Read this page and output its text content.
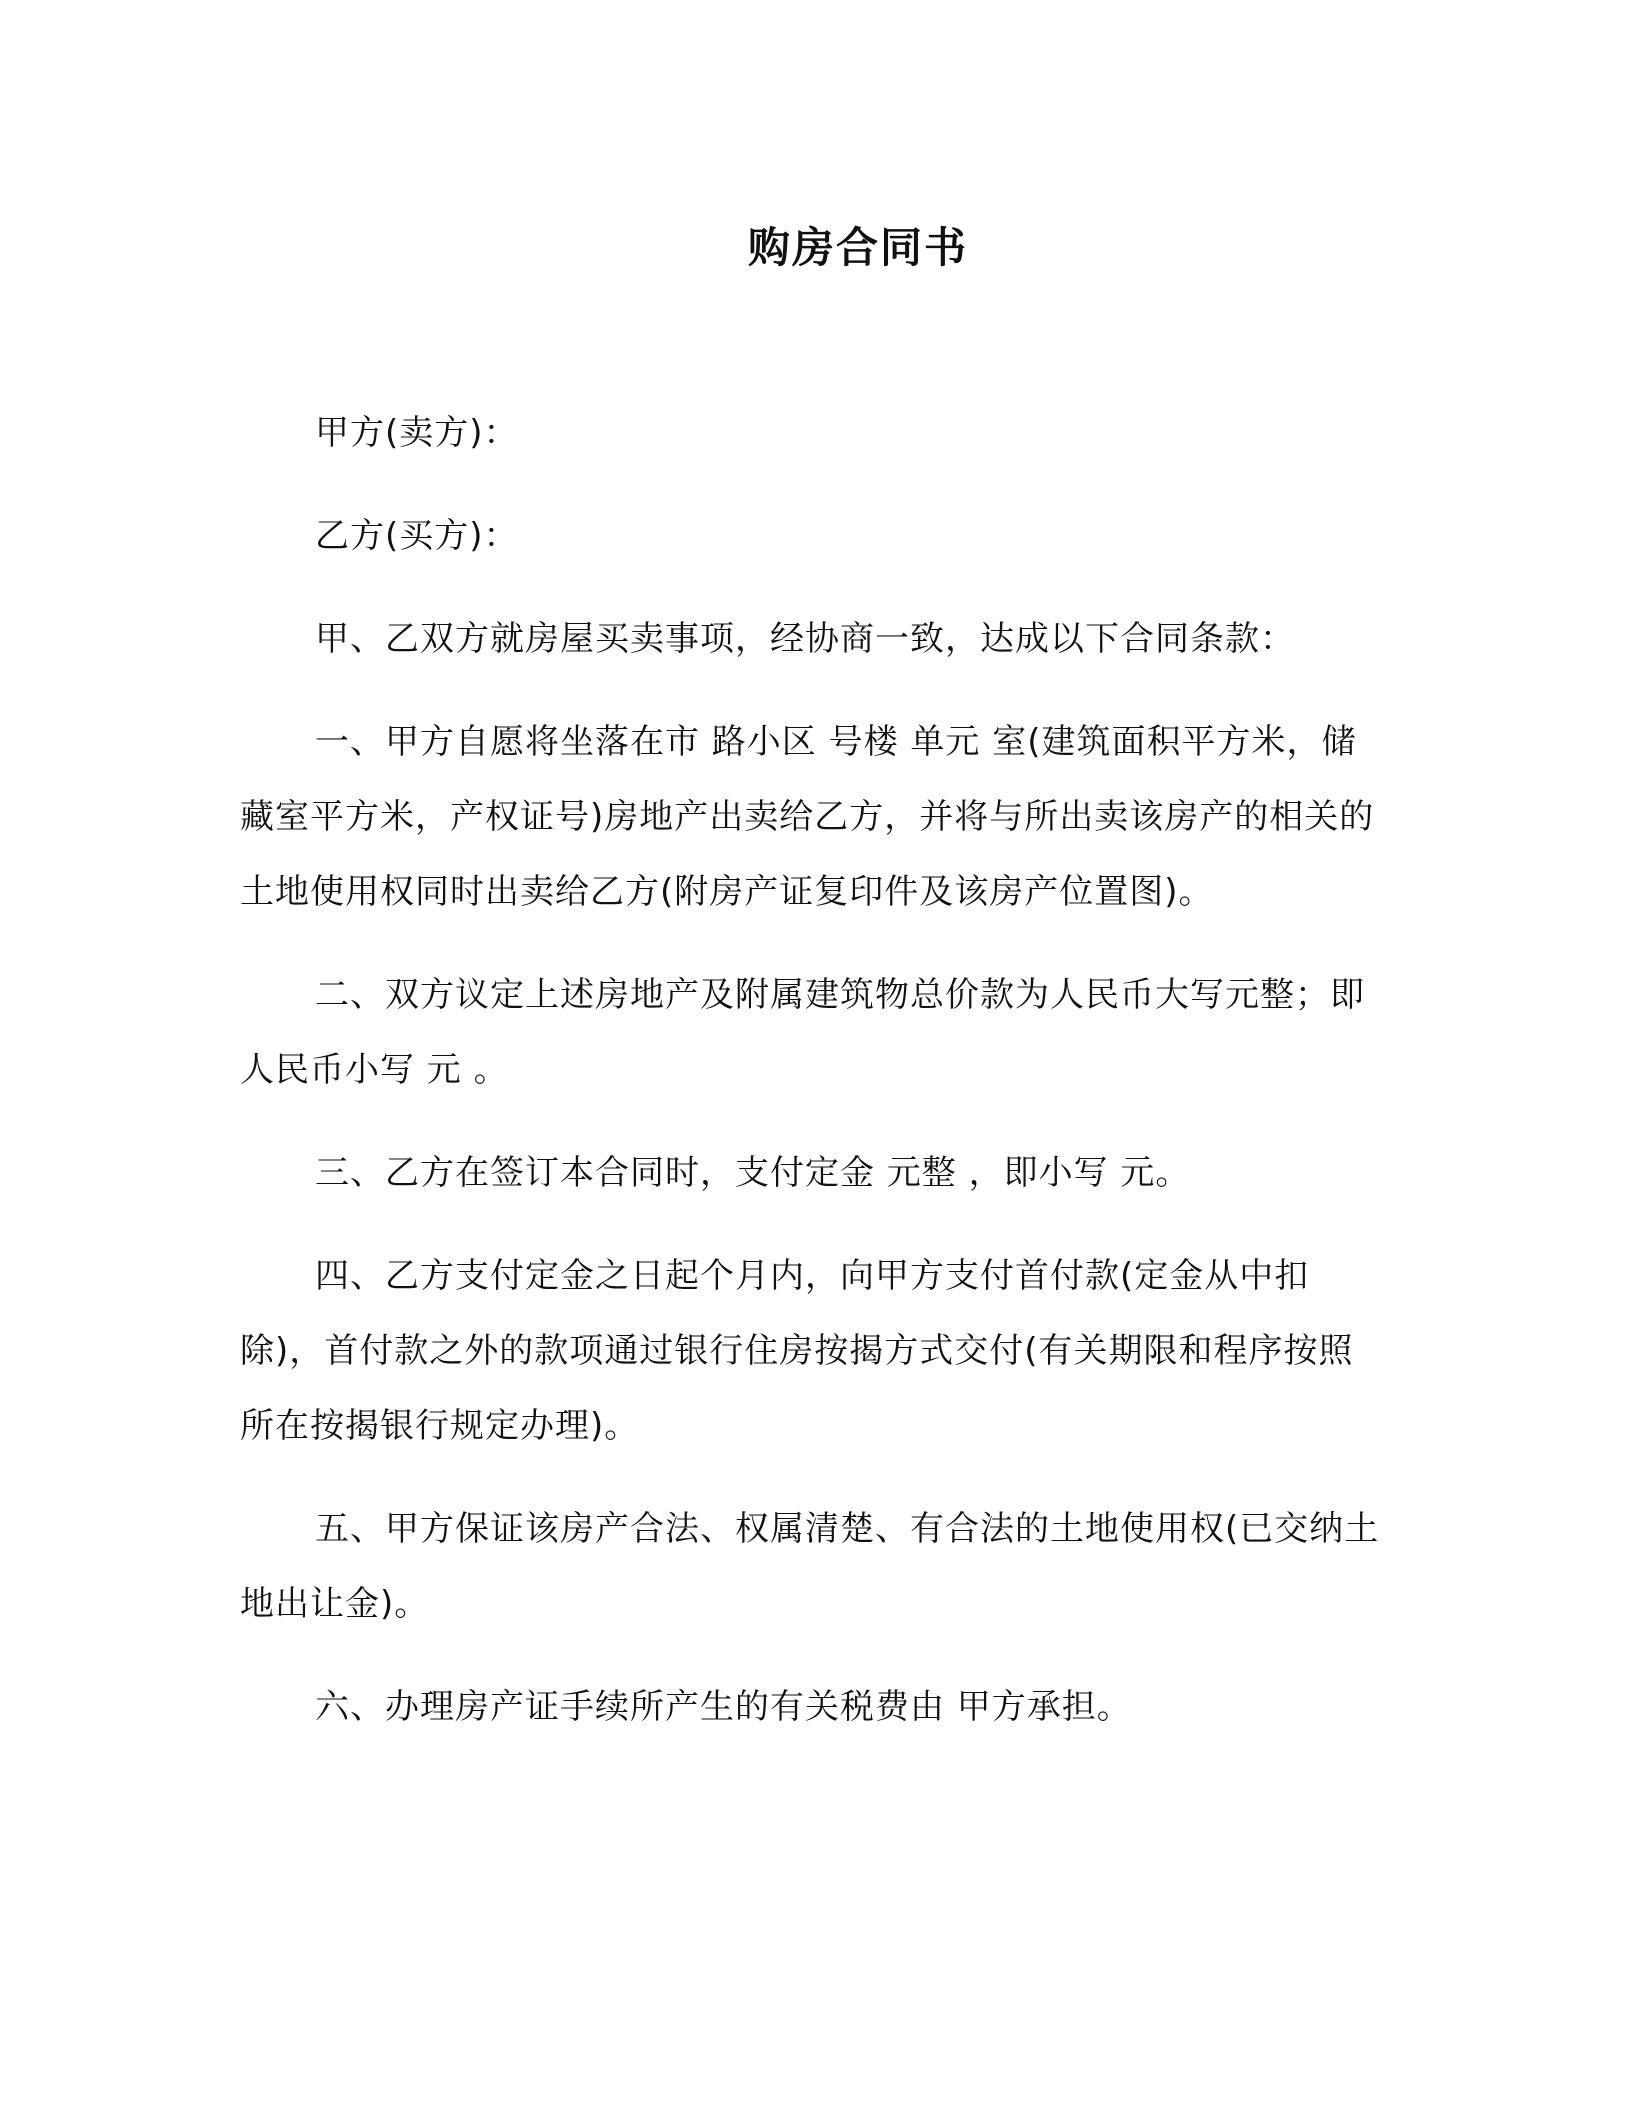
购房合同书

甲方(卖方)：

乙方(买方)：

甲、乙双方就房屋买卖事项，经协商一致，达成以下合同条款：

一、甲方自愿将坐落在市 路小区 号楼 单元 室(建筑面积平方米，储藏室平方米，产权证号)房地产出卖给乙方，并将与所出卖该房产的相关的土地使用权同时出卖给乙方(附房产证复印件及该房产位置图)。

二、双方议定上述房地产及附属建筑物总价款为人民币大写元整；即人民币小写 元 。

三、乙方在签订本合同时，支付定金 元整 ，即小写 元。

四、乙方支付定金之日起个月内，向甲方支付首付款(定金从中扣除)，首付款之外的款项通过银行住房按揭方式交付(有关期限和程序按照所在按揭银行规定办理)。

五、甲方保证该房产合法、权属清楚、有合法的土地使用权(已交纳土地出让金)。

六、办理房产证手续所产生的有关税费由 甲方承担。
